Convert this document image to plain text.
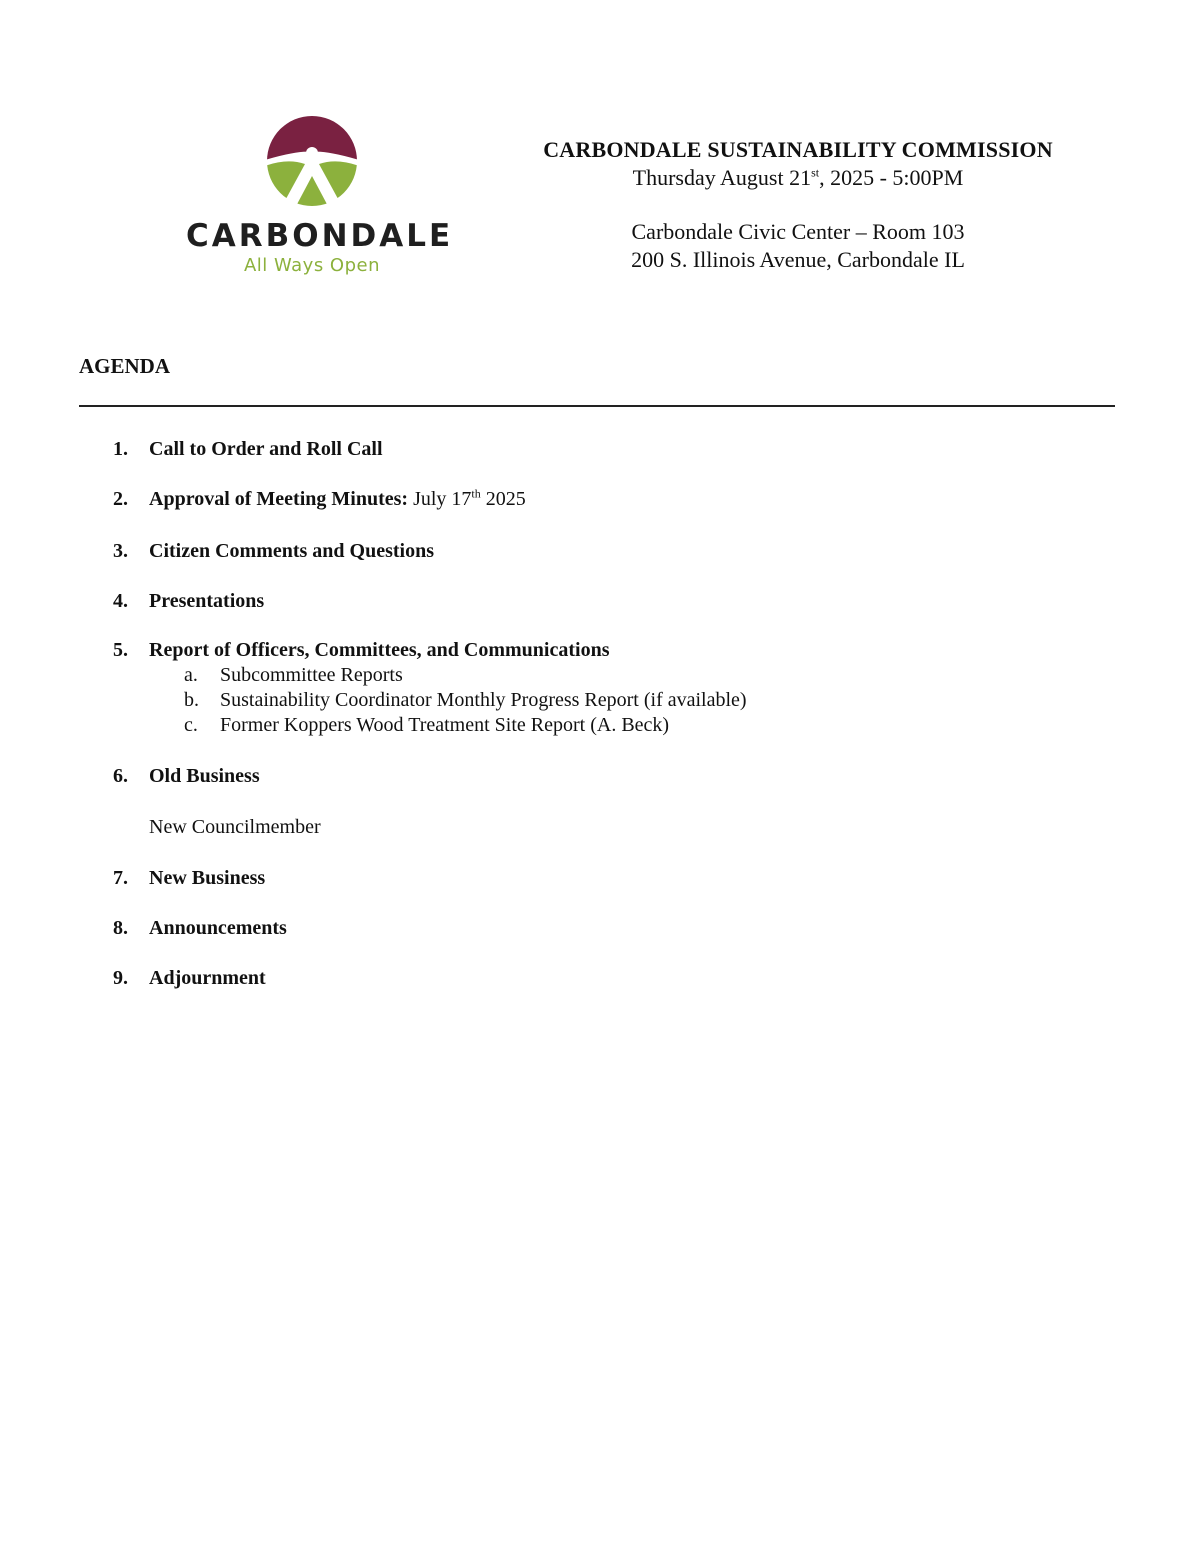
CARBONDALE
All Ways Open
CARBONDALE SUSTAINABILITY COMMISSION
Thursday August 21st, 2025 - 5:00PM
Carbondale Civic Center – Room 103
200 S. Illinois Avenue, Carbondale IL
AGENDA
1. Call to Order and Roll Call
2. Approval of Meeting Minutes: July 17th 2025
3. Citizen Comments and Questions
4. Presentations
5. Report of Officers, Committees, and Communications
a. Subcommittee Reports
b. Sustainability Coordinator Monthly Progress Report (if available)
c. Former Koppers Wood Treatment Site Report (A. Beck)
6. Old Business
New Councilmember
7. New Business
8. Announcements
9. Adjournment
